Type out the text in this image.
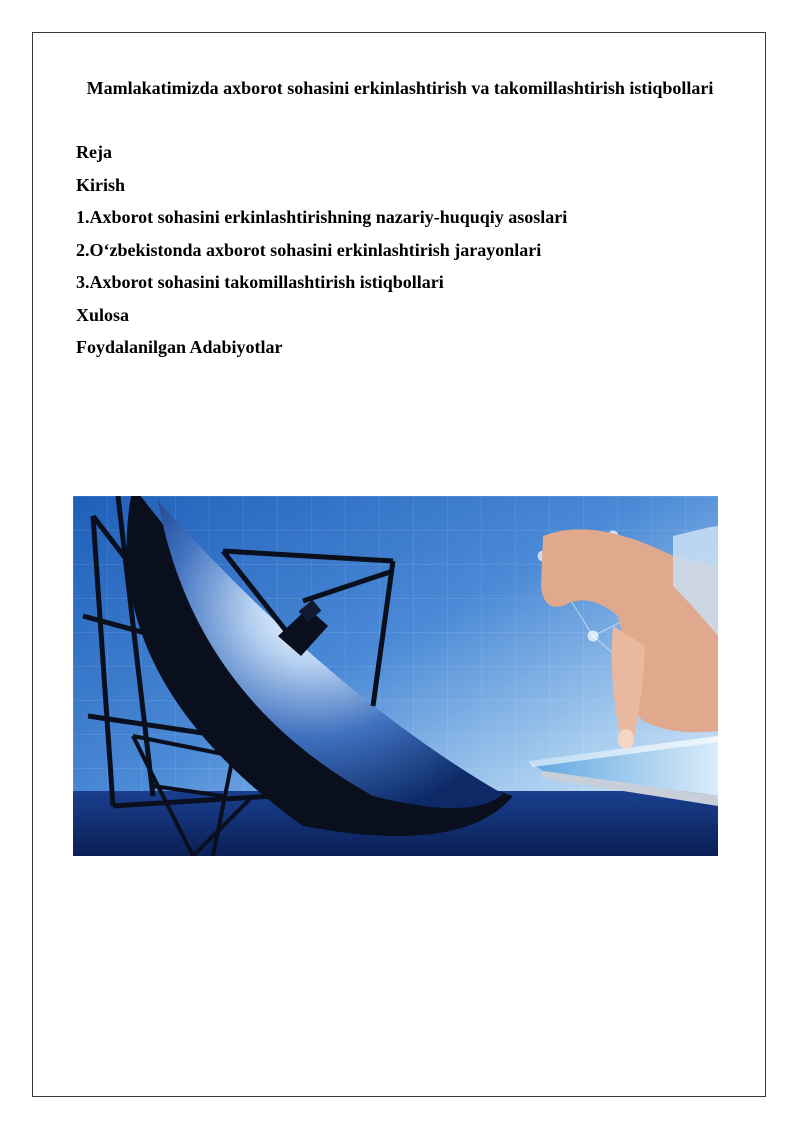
Mamlakatimizda axborot sohasini erkinlashtirish va takomillashtirish istiqbollari
Reja
Kirish
1.Axborot sohasini erkinlashtirishning nazariy-huquqiy asoslari
2.O‘zbekistonda axborot sohasini erkinlashtirish jarayonlari
3.Axborot sohasini takomillashtirish istiqbollari
Xulosa
Foydalanilgan Adabiyotlar
